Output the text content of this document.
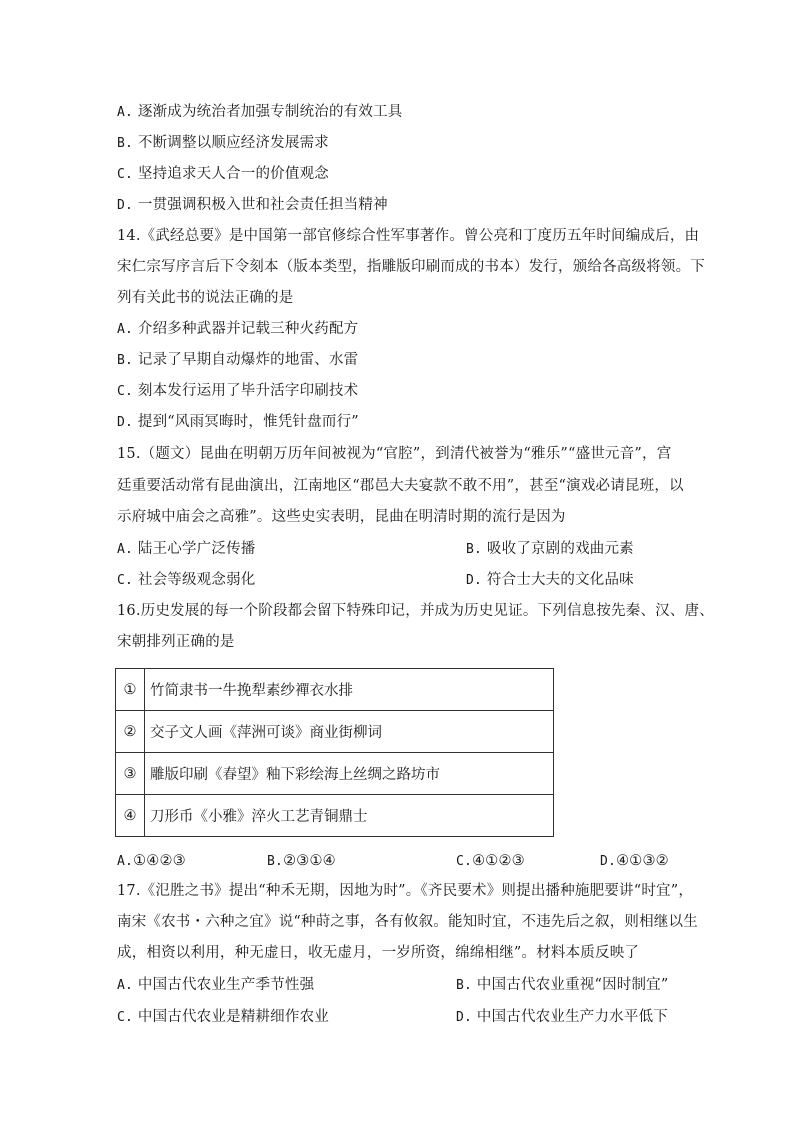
A. 逐渐成为统治者加强专制统治的有效工具
B. 不断调整以顺应经济发展需求
C. 坚持追求天人合一的价值观念
D. 一贯强调积极入世和社会责任担当精神
14.《武经总要》是中国第一部官修综合性军事著作。曾公亮和丁度历五年时间编成后，由
宋仁宗写序言后下令刻本（版本类型，指雕版印刷而成的书本）发行，颁给各高级将领。下
列有关此书的说法正确的是
A. 介绍多种武器并记载三种火药配方
B. 记录了早期自动爆炸的地雷、水雷
C. 刻本发行运用了毕升活字印刷技术
D. 提到“风雨冥晦时，惟凭针盘而行”
15.（题文）昆曲在明朝万历年间被视为“官腔”，到清代被誉为“雅乐”“盛世元音”，宫
廷重要活动常有昆曲演出，江南地区“郡邑大夫宴款不敢不用”，甚至“演戏必请昆班，以
示府城中庙会之高雅”。这些史实表明，昆曲在明清时期的流行是因为
A. 陆王心学广泛传播	B. 吸收了京剧的戏曲元素
C. 社会等级观念弱化	D. 符合士大夫的文化品味
16.历史发展的每一个阶段都会留下特殊印记，并成为历史见证。下列信息按先秦、汉、唐、
宋朝排列正确的是
①	竹简隶书一牛挽犁素纱襌衣水排
②	交子文人画《萍洲可谈》商业街柳词
③	雕版印刷《春望》釉下彩绘海上丝绸之路坊市
④	刀形币《小雅》淬火工艺青铜鼎士
A.①④②③	B.②③①④	C.④①②③	D.④①③②
17.《氾胜之书》提出“种禾无期，因地为时”。《齐民要术》则提出播种施肥要讲“时宜”，
南宋《农书・六种之宜》说“种莳之事，各有攸叙。能知时宜，不违先后之叙，则相继以生
成，相资以利用，种无虚日，收无虚月，一岁所资，绵绵相继”。材料本质反映了
A. 中国古代农业生产季节性强	B. 中国古代农业重视“因时制宜”
C. 中国古代农业是精耕细作农业	D. 中国古代农业生产力水平低下
